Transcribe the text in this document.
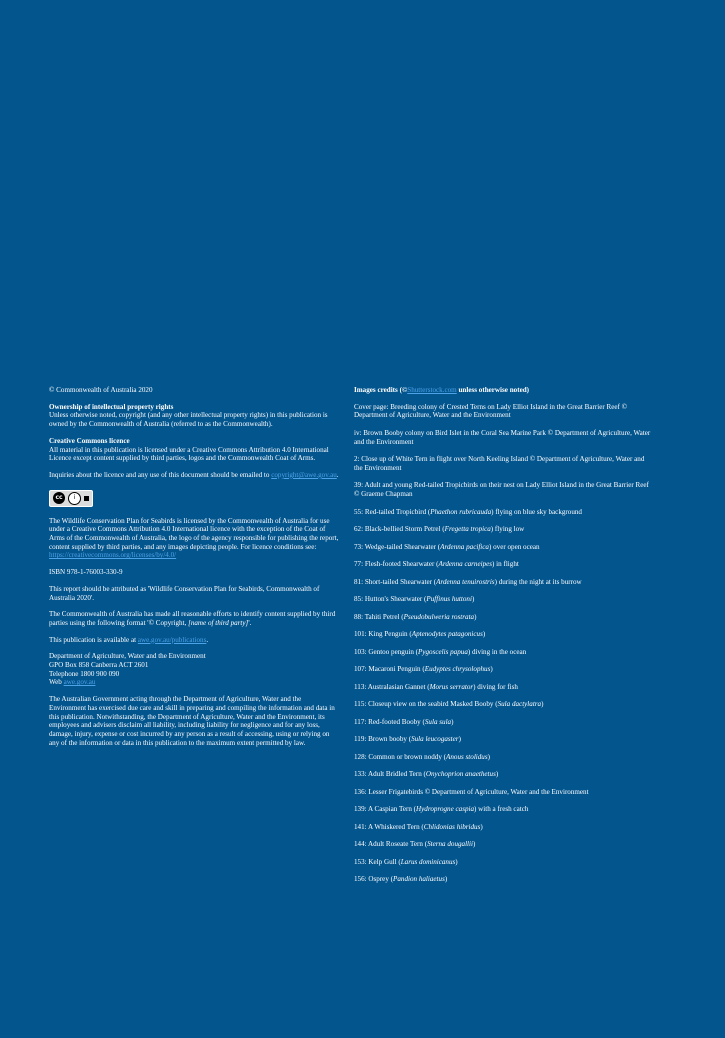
© Commonwealth of Australia 2020

Ownership of intellectual property rights
Unless otherwise noted, copyright (and any other intellectual property rights) in this publication is owned by the Commonwealth of Australia (referred to as the Commonwealth).

Creative Commons licence
All material in this publication is licensed under a Creative Commons Attribution 4.0 International Licence except content supplied by third parties, logos and the Commonwealth Coat of Arms.

Inquiries about the licence and any use of this document should be emailed to copyright@awe.gov.au.

cc	i

The Wildlife Conservation Plan for Seabirds is licensed by the Commonwealth of Australia for use under a Creative Commons Attribution 4.0 International licence with the exception of the Coat of Arms of the Commonwealth of Australia, the logo of the agency responsible for publishing the report, content supplied by third parties, and any images depicting people. For licence conditions see:
https://creativecommons.org/licenses/by/4.0/

ISBN 978-1-76003-330-9

This report should be attributed as 'Wildlife Conservation Plan for Seabirds, Commonwealth of Australia 2020'.

The Commonwealth of Australia has made all reasonable efforts to identify content supplied by third parties using the following format '© Copyright, [name of third party]'.

This publication is available at awe.gov.au/publications.

Department of Agriculture, Water and the Environment
GPO Box 858 Canberra ACT 2601
Telephone 1800 900 090
Web awe.gov.au

The Australian Government acting through the Department of Agriculture, Water and the Environment has exercised due care and skill in preparing and compiling the information and data in this publication. Notwithstanding, the Department of Agriculture, Water and the Environment, its employees and advisers disclaim all liability, including liability for negligence and for any loss, damage, injury, expense or cost incurred by any person as a result of accessing, using or relying on any of the information or data in this publication to the maximum extent permitted by law.

Images credits (©Shutterstock.com unless otherwise noted)

Cover page: Breeding colony of Crested Terns on Lady Elliot Island in the Great Barrier Reef © Department of Agriculture, Water and the Environment

iv: Brown Booby colony on Bird Islet in the Coral Sea Marine Park © Department of Agriculture, Water and the Environment

2: Close up of White Tern in flight over North Keeling Island © Department of Agriculture, Water and the Environment

39: Adult and young Red-tailed Tropicbirds on their nest on Lady Elliot Island in the Great Barrier Reef © Graeme Chapman

55: Red-tailed Tropicbird (Phaethon rubricauda) flying on blue sky background

62: Black-bellied Storm Petrel (Fregetta tropica) flying low

73: Wedge-tailed Shearwater (Ardenna pacifica) over open ocean

77: Flesh-footed Shearwater (Ardenna carneipes) in flight

81: Short-tailed Shearwater (Ardenna tenuirostris) during the night at its burrow

85: Hutton's Shearwater (Puffinus huttoni)

88: Tahiti Petrel (Pseudobulweria rostrata)

101: King Penguin (Aptenodytes patagonicus)

103: Gentoo penguin (Pygoscelis papua) diving in the ocean

107: Macaroni Penguin (Eudyptes chrysolophus)

113: Australasian Gannet (Morus serrator) diving for fish

115: Closeup view on the seabird Masked Booby (Sula dactylatra)

117: Red-footed Booby (Sula sula)

119: Brown booby (Sula leucogaster)

128: Common or brown noddy (Anous stolidus)

133: Adult Bridled Tern (Onychoprion anaethetus)

136: Lesser Frigatebirds © Department of Agriculture, Water and the Environment

139: A Caspian Tern (Hydroprogne caspia) with a fresh catch

141: A Whiskered Tern (Chlidonias hibridus)

144: Adult Roseate Tern (Sterna dougallii)

153: Kelp Gull (Larus dominicanus)

156: Osprey (Pandion haliaetus)
